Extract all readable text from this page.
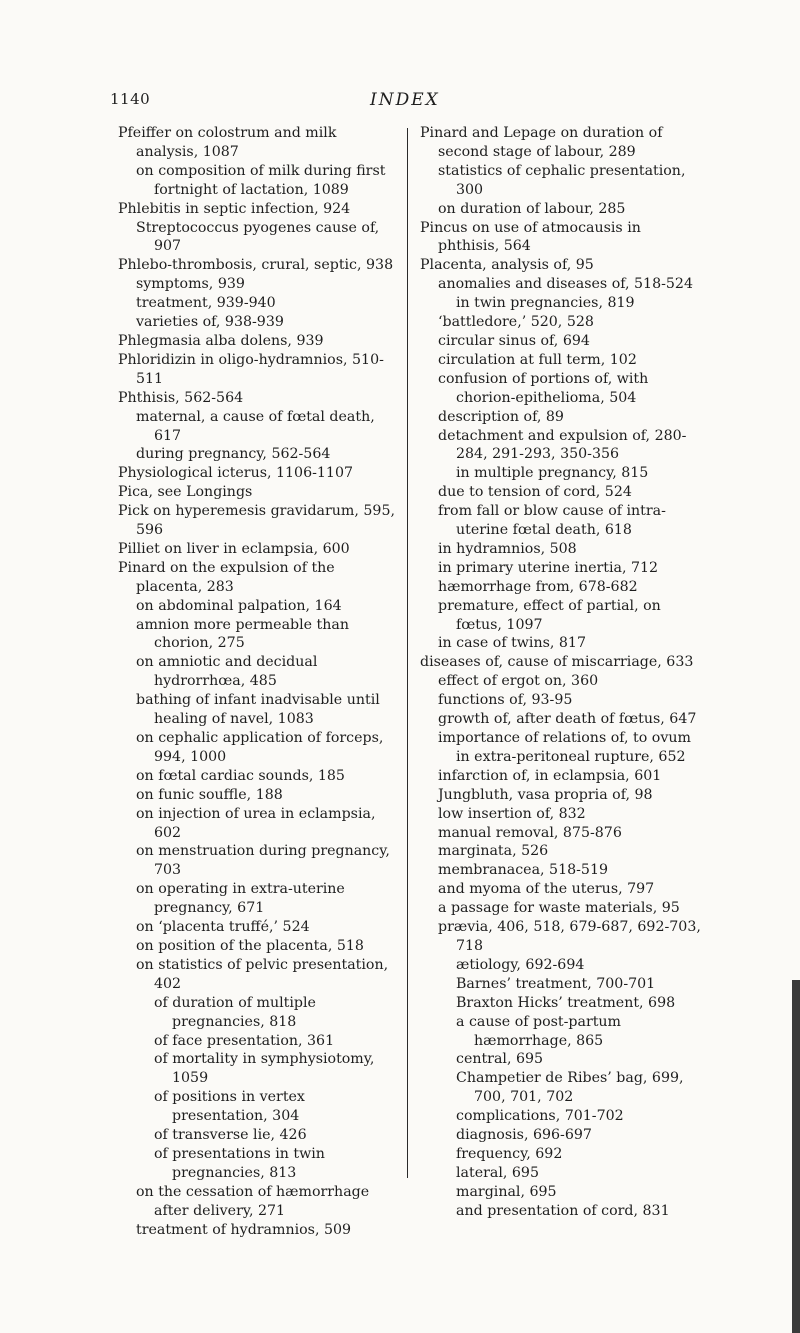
1140	INDEX

Pfeiffer on colostrum and milk analysis, 1087

on composition of milk during first fortnight of lactation, 1089

Phlebitis in septic infection, 924

Streptococcus pyogenes cause of, 907

Phlebo-thrombosis, crural, septic, 938

symptoms, 939

treatment, 939-940

varieties of, 938-939

Phlegmasia alba dolens, 939

Phloridizin in oligo-hydramnios, 510-511

Phthisis, 562-564

maternal, a cause of fœtal death, 617

during pregnancy, 562-564

Physiological icterus, 1106-1107

Pica, see Longings

Pick on hyperemesis gravidarum, 595, 596

Pilliet on liver in eclampsia, 600

Pinard on the expulsion of the placenta, 283

on abdominal palpation, 164

amnion more permeable than chorion, 275

on amniotic and decidual hydrorrhœa, 485

bathing of infant inadvisable until healing of navel, 1083

on cephalic application of forceps, 994, 1000

on fœtal cardiac sounds, 185

on funic souffle, 188

on injection of urea in eclampsia, 602

on menstruation during pregnancy, 703

on operating in extra-uterine pregnancy, 671

on ‘placenta truffé,’ 524

on position of the placenta, 518

on statistics of pelvic presentation, 402

of duration of multiple pregnancies, 818

of face presentation, 361

of mortality in symphysiotomy, 1059

of positions in vertex presentation, 304

of transverse lie, 426

of presentations in twin pregnancies, 813

on the cessation of hæmorrhage after delivery, 271

treatment of hydramnios, 509

Pinard and Lepage on duration of second stage of labour, 289

statistics of cephalic presentation, 300

on duration of labour, 285

Pincus on use of atmocausis in phthisis, 564

Placenta, analysis of, 95

anomalies and diseases of, 518-524

in twin pregnancies, 819

‘battledore,’ 520, 528

circular sinus of, 694

circulation at full term, 102

confusion of portions of, with chorion-epithelioma, 504

description of, 89

detachment and expulsion of, 280-284, 291-293, 350-356

in multiple pregnancy, 815

due to tension of cord, 524

from fall or blow cause of intra-uterine fœtal death, 618

in hydramnios, 508

in primary uterine inertia, 712

hæmorrhage from, 678-682

premature, effect of partial, on fœtus, 1097

in case of twins, 817

diseases of, cause of miscarriage, 633

effect of ergot on, 360

functions of, 93-95

growth of, after death of fœtus, 647

importance of relations of, to ovum in extra-peritoneal rupture, 652

infarction of, in eclampsia, 601

Jungbluth, vasa propria of, 98

low insertion of, 832

manual removal, 875-876

marginata, 526

membranacea, 518-519

and myoma of the uterus, 797

a passage for waste materials, 95

prævia, 406, 518, 679-687, 692-703, 718

ætiology, 692-694

Barnes’ treatment, 700-701

Braxton Hicks’ treatment, 698

a cause of post-partum hæmorrhage, 865

central, 695

Champetier de Ribes’ bag, 699, 700, 701, 702

complications, 701-702

diagnosis, 696-697

frequency, 692

lateral, 695

marginal, 695

and presentation of cord, 831
